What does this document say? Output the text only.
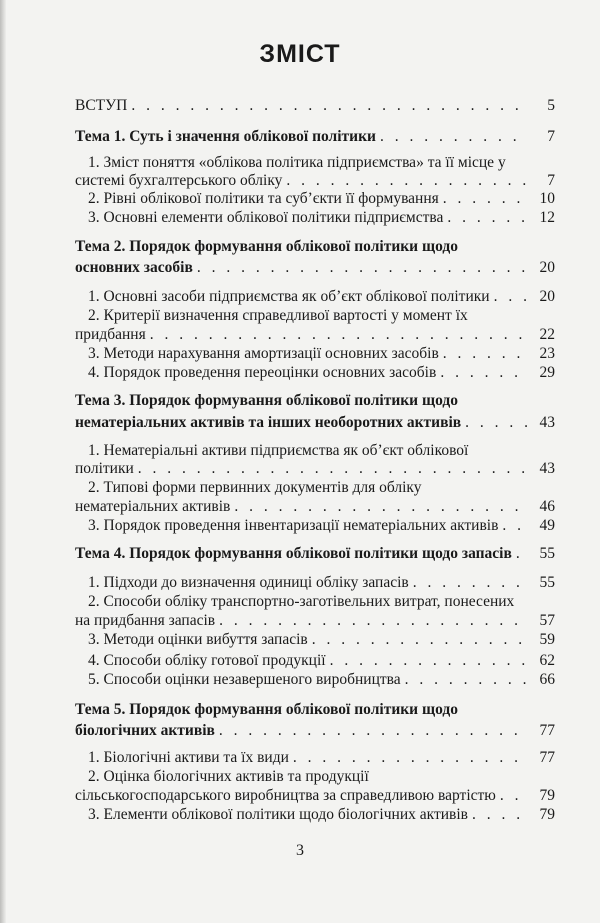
ЗМІСТ
ВСТУП . . .	5
Тема 1. Суть і значення облікової політики . . .	7
1. Зміст поняття «облікова політика підприємства» та її місце у
системі бухгалтерського обліку . . .	7
2. Рівні облікової політики та суб’єкти її формування . . .	10
3. Основні елементи облікової політики підприємства . . .	12
Тема 2. Порядок формування облікової політики щодо
основних засобів . . .	20
1. Основні засоби підприємства як об’єкт облікової політики . . .	20
2. Критерії визначення справедливої вартості у момент їх
придбання . . .	22
3. Методи нарахування амортизації основних засобів . . .	23
4. Порядок проведення переоцінки основних засобів . . .	29
Тема 3. Порядок формування облікової політики щодо
нематеріальних активів та інших необоротних активів . . .	43
1. Нематеріальні активи підприємства як об’єкт облікової
політики . . .	43
2. Типові форми первинних документів для обліку
нематеріальних активів . . .	46
3. Порядок проведення інвентаризації нематеріальних активів . . .	49
Тема 4. Порядок формування облікової політики щодо запасів . . .	55
1. Підходи до визначення одиниці обліку запасів . . .	55
2. Способи обліку транспортно-заготівельних витрат, понесених
на придбання запасів . . .	57
3. Методи оцінки вибуття запасів . . .	59
4. Способи обліку готової продукції . . .	62
5. Способи оцінки незавершеного виробництва . . .	66
Тема 5. Порядок формування облікової політики щодо
біологічних активів . . .	77
1. Біологічні активи та їх види . . .	77
2. Оцінка біологічних активів та продукції
сільськогосподарського виробництва за справедливою вартістю . . .	79
3. Елементи облікової політики щодо біологічних активів . . .	79
3
